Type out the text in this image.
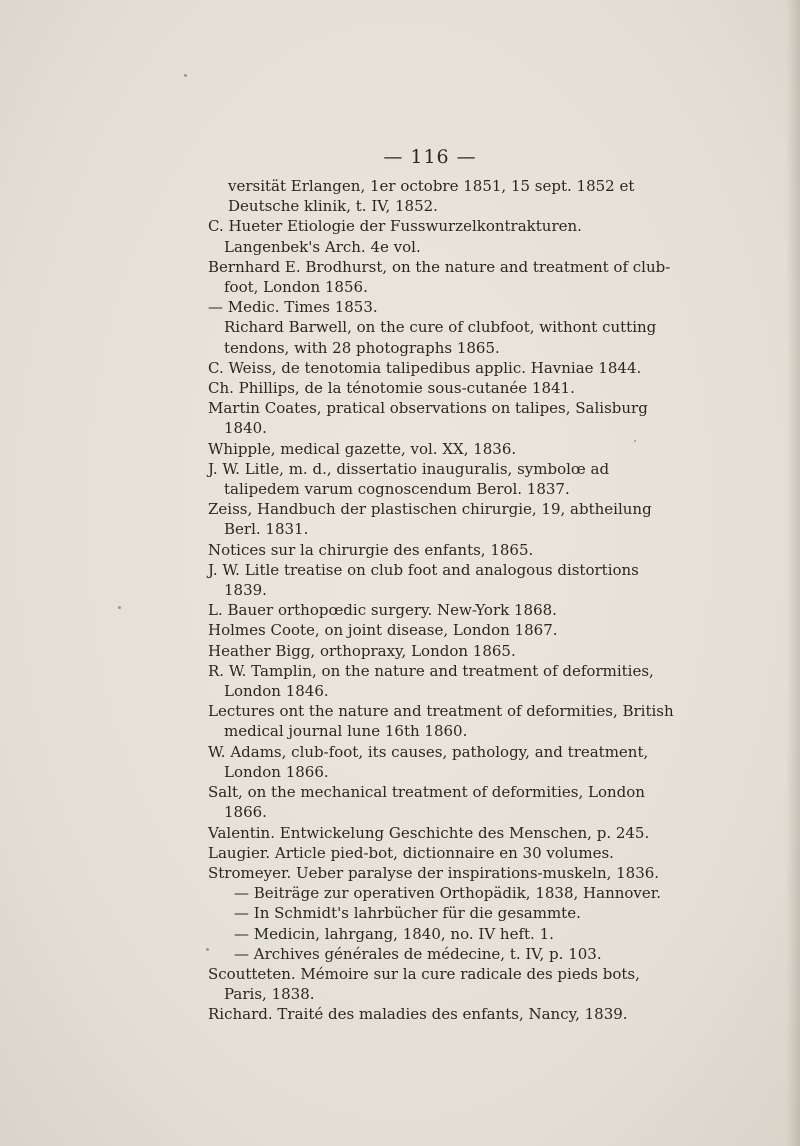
— 116 —

versität Erlangen, 1er octobre 1851, 15 sept. 1852 et Deutsche klinik, t. IV, 1852.

C. Hueter Etiologie der Fusswurzelkontrakturen. Langenbek's Arch. 4e vol.

Bernhard E. Brodhurst, on the nature and treatment of club-foot, London 1856.

— Medic. Times 1853.

Richard Barwell, on the cure of clubfoot, withont cutting tendons, with 28 photographs 1865.

C. Weiss, de tenotomia talipedibus applic. Havniae 1844.

Ch. Phillips, de la ténotomie sous-cutanée 1841.

Martin Coates, pratical observations on talipes, Salisburg 1840.

Whipple, medical gazette, vol. XX, 1836.

J. W. Litle, m. d., dissertatio inauguralis, symbolœ ad talipedem varum cognoscendum Berol. 1837.

Zeiss, Handbuch der plastischen chirurgie, 19, abtheilung Berl. 1831.

Notices sur la chirurgie des enfants, 1865.

J. W. Litle treatise on club foot and analogous distortions 1839.

L. Bauer orthopœdic surgery. New-York 1868.

Holmes Coote, on joint disease, London 1867.

Heather Bigg, orthopraxy, London 1865.

R. W. Tamplin, on the nature and treatment of deformities, London 1846.

Lectures ont the nature and treatment of deformities, British medical journal lune 16th 1860.

W. Adams, club-foot, its causes, pathology, and treatment, London 1866.

Salt, on the mechanical treatment of deformities, London 1866.

Valentin. Entwickelung Geschichte des Menschen, p. 245.

Laugier. Article pied-bot, dictionnaire en 30 volumes.

Stromeyer. Ueber paralyse der inspirations-muskeln, 1836.

— Beiträge zur operativen Orthopädik, 1838, Hannover.

— In Schmidt's lahrbücher für die gesammte.

— Medicin, lahrgang, 1840, no. IV heft. 1.

— Archives générales de médecine, t. IV, p. 103.

Scoutteten. Mémoire sur la cure radicale des pieds bots, Paris, 1838.

Richard. Traité des maladies des enfants, Nancy, 1839.
